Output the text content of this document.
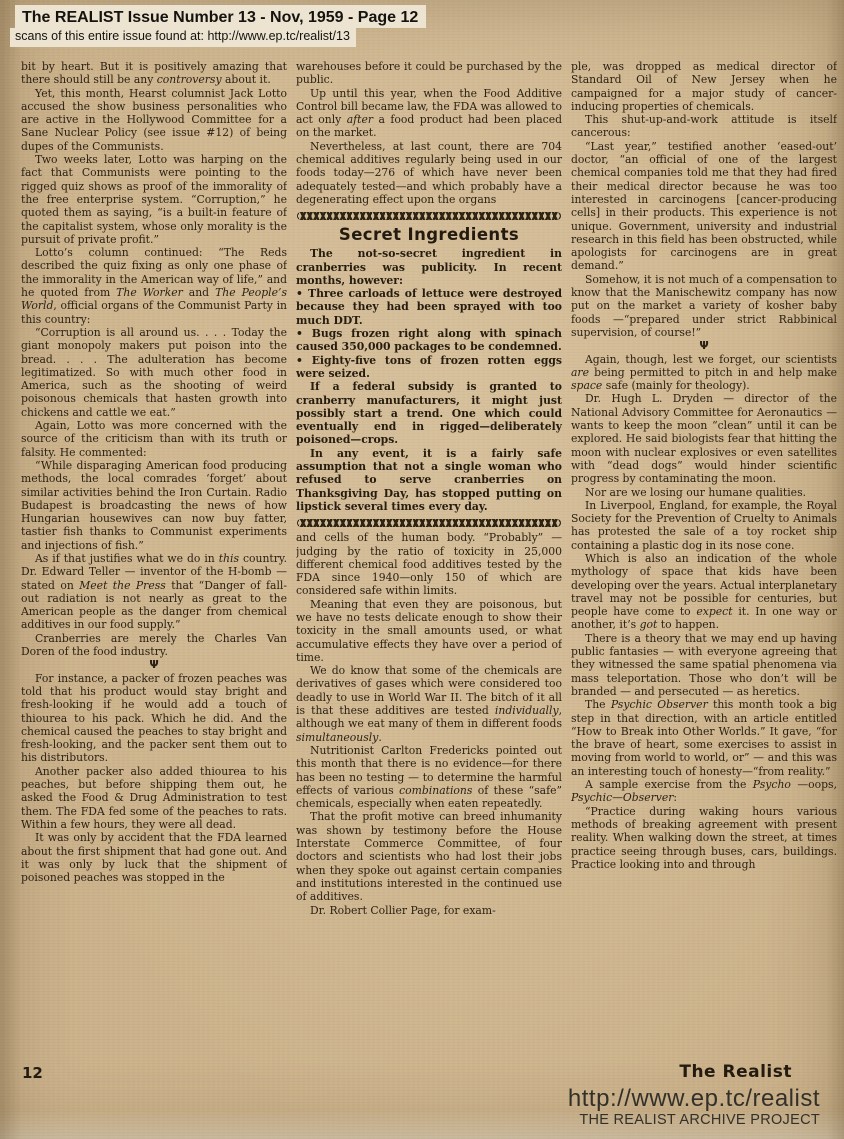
The REALIST Issue Number 13 - Nov, 1959 - Page 12
scans of this entire issue found at: http://www.ep.tc/realist/13

bit by heart. But it is positively amazing that there should still be any controversy about it.

Yet, this month, Hearst columnist Jack Lotto accused the show business personalities who are active in the Hollywood Committee for a Sane Nuclear Policy (see issue #12) of being dupes of the Communists.

Two weeks later, Lotto was harping on the fact that Communists were pointing to the rigged quiz shows as proof of the immorality of the free enterprise system. “Corruption,” he quoted them as saying, “is a built-in feature of the capitalist system, whose only morality is the pursuit of private profit.”

Lotto’s column continued: “The Reds described the quiz fixing as only one phase of the immorality in the American way of life,” and he quoted from The Worker and The People’s World, official organs of the Communist Party in this country:

“Corruption is all around us. . . . Today the giant monopoly makers put poison into the bread. . . . The adulteration has become legitimatized. So with much other food in America, such as the shooting of weird poisonous chemicals that hasten growth into chickens and cattle we eat.”

Again, Lotto was more concerned with the source of the criticism than with its truth or falsity. He commented:

“While disparaging American food producing methods, the local comrades ‘forget’ about similar activities behind the Iron Curtain. Radio Budapest is broadcasting the news of how Hungarian housewives can now buy fatter, tastier fish thanks to Communist experiments and injections of fish.”

As if that justifies what we do in this country. Dr. Edward Teller — inventor of the H-bomb — stated on Meet the Press that “Danger of fall-out radiation is not nearly as great to the American people as the danger from chemical additives in our food supply.”

Cranberries are merely the Charles Van Doren of the food industry.

Ψ

For instance, a packer of frozen peaches was told that his product would stay bright and fresh-looking if he would add a touch of thiourea to his pack. Which he did. And the chemical caused the peaches to stay bright and fresh-looking, and the packer sent them out to his distributors.

Another packer also added thiourea to his peaches, but before shipping them out, he asked the Food & Drug Administration to test them. The FDA fed some of the peaches to rats. Within a few hours, they were all dead.

It was only by accident that the FDA learned about the first shipment that had gone out. And it was only by luck that the shipment of poisoned peaches was stopped in the

warehouses before it could be purchased by the public.

Up until this year, when the Food Additive Control bill became law, the FDA was allowed to act only after a food product had been placed on the market.

Nevertheless, at last count, there are 704 chemical additives regularly being used in our foods today—276 of which have never been adequately tested—and which probably have a degenerating effect upon the organs

Secret Ingredients

The not-so-secret ingredient in cranberries was publicity. In recent months, however:

• Three carloads of lettuce were destroyed because they had been sprayed with too much DDT.

• Bugs frozen right along with spinach caused 350,000 packages to be condemned.

• Eighty-five tons of frozen rotten eggs were seized.

If a federal subsidy is granted to cranberry manufacturers, it might just possibly start a trend. One which could eventually end in rigged—deliberately poisoned—crops.

In any event, it is a fairly safe assumption that not a single woman who refused to serve cranberries on Thanksgiving Day, has stopped putting on lipstick several times every day.

and cells of the human body. “Probably” — judging by the ratio of toxicity in 25,000 different chemical food additives tested by the FDA since 1940—only 150 of which are considered safe within limits.

Meaning that even they are poisonous, but we have no tests delicate enough to show their toxicity in the small amounts used, or what accumulative effects they have over a period of time.

We do know that some of the chemicals are derivatives of gases which were considered too deadly to use in World War II. The bitch of it all is that these additives are tested individually, although we eat many of them in different foods simultaneously.

Nutritionist Carlton Fredericks pointed out this month that there is no evidence—for there has been no testing — to determine the harmful effects of various combinations of these “safe” chemicals, especially when eaten repeatedly.

That the profit motive can breed inhumanity was shown by testimony before the House Interstate Commerce Committee, of four doctors and scientists who had lost their jobs when they spoke out against certain companies and institutions interested in the continued use of additives.

Dr. Robert Collier Page, for exam-

ple, was dropped as medical director of Standard Oil of New Jersey when he campaigned for a major study of cancer-inducing properties of chemicals.

This shut-up-and-work attitude is itself cancerous:

“Last year,” testified another ‘eased-out’ doctor, “an official of one of the largest chemical companies told me that they had fired their medical director because he was too interested in carcinogens [cancer-producing cells] in their products. This experience is not unique. Government, university and industrial research in this field has been obstructed, while apologists for carcinogens are in great demand.”

Somehow, it is not much of a compensation to know that the Manischewitz company has now put on the market a variety of kosher baby foods —“prepared under strict Rabbinical supervision, of course!”

Ψ

Again, though, lest we forget, our scientists are being permitted to pitch in and help make space safe (mainly for theology).

Dr. Hugh L. Dryden — director of the National Advisory Committee for Aeronautics — wants to keep the moon “clean” until it can be explored. He said biologists fear that hitting the moon with nuclear explosives or even satellites with “dead dogs” would hinder scientific progress by contaminating the moon.

Nor are we losing our humane qualities.

In Liverpool, England, for example, the Royal Society for the Prevention of Cruelty to Animals has protested the sale of a toy rocket ship containing a plastic dog in its nose cone.

Which is also an indication of the whole mythology of space that kids have been developing over the years. Actual interplanetary travel may not be possible for centuries, but people have come to expect it. In one way or another, it’s got to happen.

There is a theory that we may end up having public fantasies — with everyone agreeing that they witnessed the same spatial phenomena via mass teleportation. Those who don’t will be branded — and persecuted — as heretics.

The Psychic Observer this month took a big step in that direction, with an article entitled “How to Break into Other Worlds.” It gave, “for the brave of heart, some exercises to assist in moving from world to world, or” — and this was an interesting touch of honesty—“from reality.”

A sample exercise from the Psycho —oops, Psychic—Observer:

“Practice during waking hours various methods of breaking agreement with present reality. When walking down the street, at times practice seeing through buses, cars, buildings. Practice looking into and through

12	The Realist
http://www.ep.tc/realist
THE REALIST ARCHIVE PROJECT
